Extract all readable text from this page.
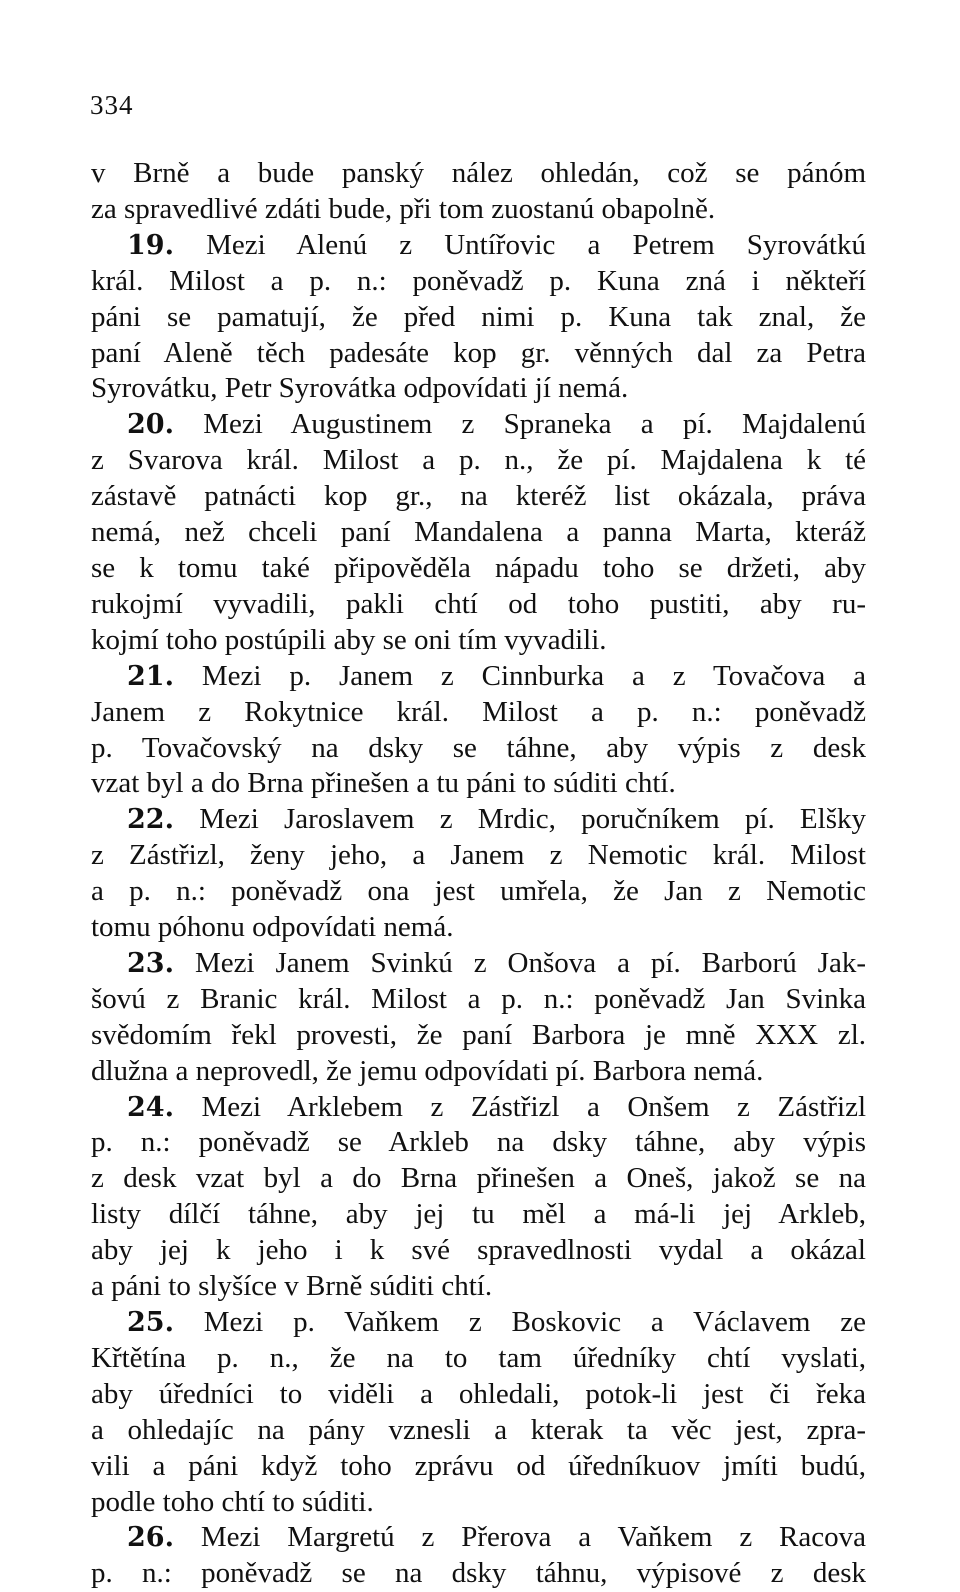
334
v Brně a bude panský nález ohledán, což se pánóm
za spravedlivé zdáti bude, při tom zuostanú obapolně.
19. Mezi Alenú z Untířovic a Petrem Syrovátkú
král. Milost a p. n.: poněvadž p. Kuna zná i někteří
páni se pamatují, že před nimi p. Kuna tak znal, že
paní Aleně těch padesáte kop gr. věnných dal za Petra
Syrovátku, Petr Syrovátka odpovídati jí nemá.
20. Mezi Augustinem z Spraneka a pí. Majdalenú
z Svarova král. Milost a p. n., že pí. Majdalena k té
zástavě patnácti kop gr., na kteréž list okázala, práva
nemá, než chceli paní Mandalena a panna Marta, kteráž
se k tomu také připověděla nápadu toho se držeti, aby
rukojmí vyvadili, pakli chtí od toho pustiti, aby ru-
kojmí toho postúpili aby se oni tím vyvadili.
21. Mezi p. Janem z Cinnburka a z Tovačova a
Janem z Rokytnice král. Milost a p. n.: poněvadž
p. Tovačovský na dsky se táhne, aby výpis z desk
vzat byl a do Brna přinešen a tu páni to súditi chtí.
22. Mezi Jaroslavem z Mrdic, poručníkem pí. Elšky
z Zástřizl, ženy jeho, a Janem z Nemotic král. Milost
a p. n.: poněvadž ona jest umřela, že Jan z Nemotic
tomu póhonu odpovídati nemá.
23. Mezi Janem Svinkú z Onšova a pí. Barború Jak-
šovú z Branic král. Milost a p. n.: poněvadž Jan Svinka
svědomím řekl provesti, že paní Barbora je mně XXX zl.
dlužna a neprovedl, že jemu odpovídati pí. Barbora nemá.
24. Mezi Arklebem z Zástřizl a Onšem z Zástřizl
p. n.: poněvadž se Arkleb na dsky táhne, aby výpis
z desk vzat byl a do Brna přinešen a Oneš, jakož se na
listy dílčí táhne, aby jej tu měl a má-li jej Arkleb,
aby jej k jeho i k své spravedlnosti vydal a okázal
a páni to slyšíce v Brně súditi chtí.
25. Mezi p. Vaňkem z Boskovic a Václavem ze
Křtětína p. n., že na to tam úředníky chtí vyslati,
aby úředníci to viděli a ohledali, potok-li jest či řeka
a ohledajíc na pány vznesli a kterak ta věc jest, zpra-
vili a páni když toho zprávu od úředníkuov jmíti budú,
podle toho chtí to súditi.
26. Mezi Margretú z Přerova a Vaňkem z Racova
p. n.: poněvadž se na dsky táhnu, výpisové z desk
